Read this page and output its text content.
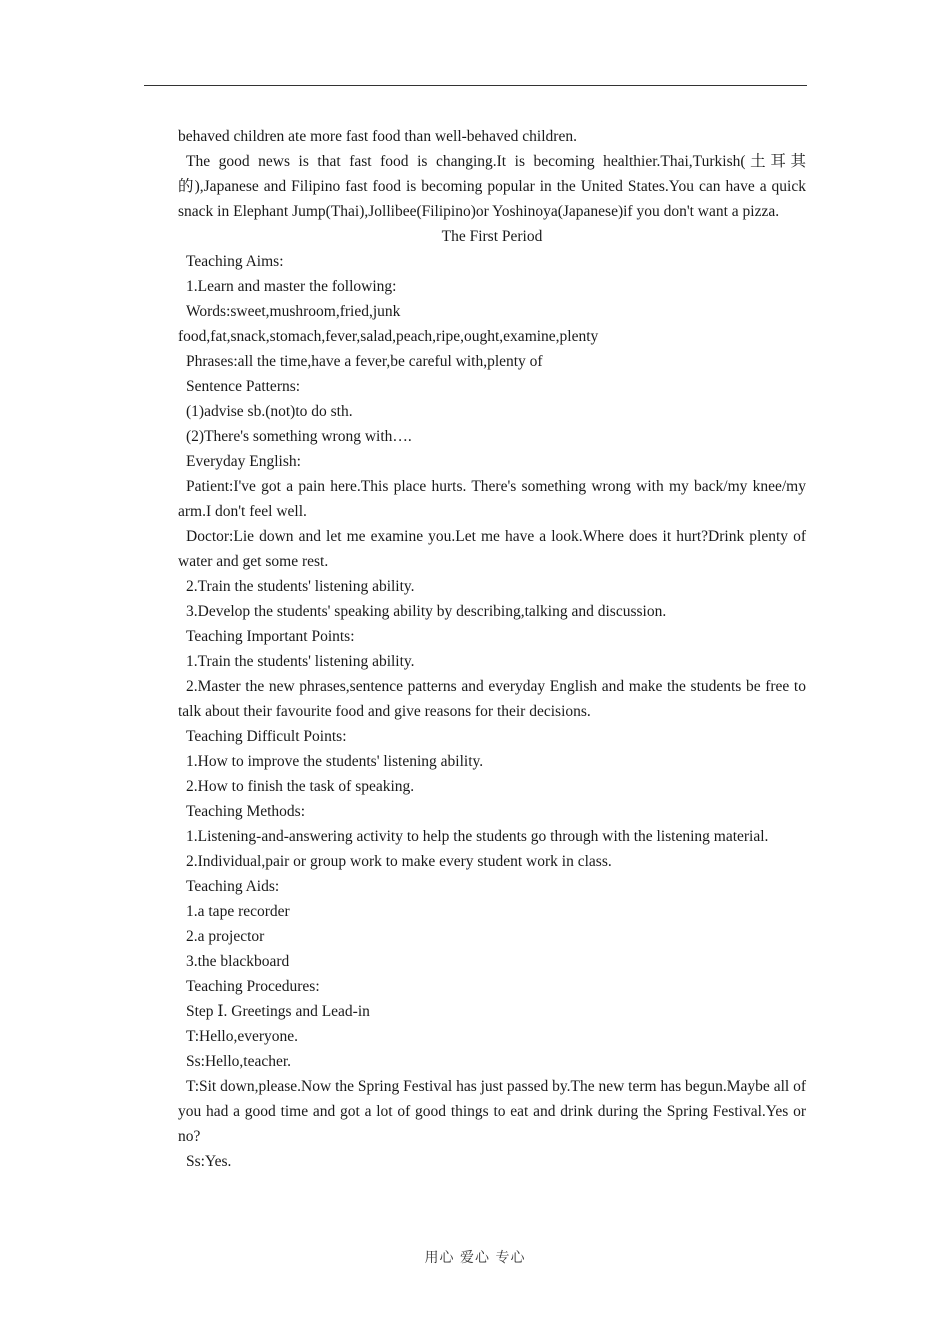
behaved children ate more fast food than well-behaved children.

The good news is that fast food is changing.It is becoming healthier.Thai,Turkish(土耳其的),Japanese and Filipino fast food is becoming popular in the United States.You can have a quick snack in Elephant Jump(Thai),Jollibee(Filipino)or Yoshinoya(Japanese)if you don't want a pizza.

The First Period

Teaching Aims:

1.Learn and master the following:

Words:sweet,mushroom,fried,junk

food,fat,snack,stomach,fever,salad,peach,ripe,ought,examine,plenty

Phrases:all the time,have a fever,be careful with,plenty of

Sentence Patterns:

(1)advise sb.(not)to do sth.

(2)There's something wrong with….

Everyday English:

Patient:I've got a pain here.This place hurts. There's something wrong with my back/my knee/my arm.I don't feel well.

Doctor:Lie down and let me examine you.Let me have a look.Where does it hurt?Drink plenty of water and get some rest.

2.Train the students' listening ability.

3.Develop the students' speaking ability by describing,talking and discussion.

Teaching Important Points:

1.Train the students' listening ability.

2.Master the new phrases,sentence patterns and everyday English and make the students be free to talk about their favourite food and give reasons for their decisions.

Teaching Difficult Points:

1.How to improve the students' listening ability.

2.How to finish the task of speaking.

Teaching Methods:

1.Listening-and-answering activity to help the students go through with the listening material.

2.Individual,pair or group work to make every student work in class.

Teaching Aids:

1.a tape recorder

2.a projector

3.the blackboard

Teaching Procedures:

Step Ⅰ. Greetings and Lead-in

T:Hello,everyone.

Ss:Hello,teacher.

T:Sit down,please.Now the Spring Festival has just passed by.The new term has begun.Maybe all of you had a good time and got a lot of good things to eat and drink during the Spring Festival.Yes or no?

Ss:Yes.

用心 爱心 专心
